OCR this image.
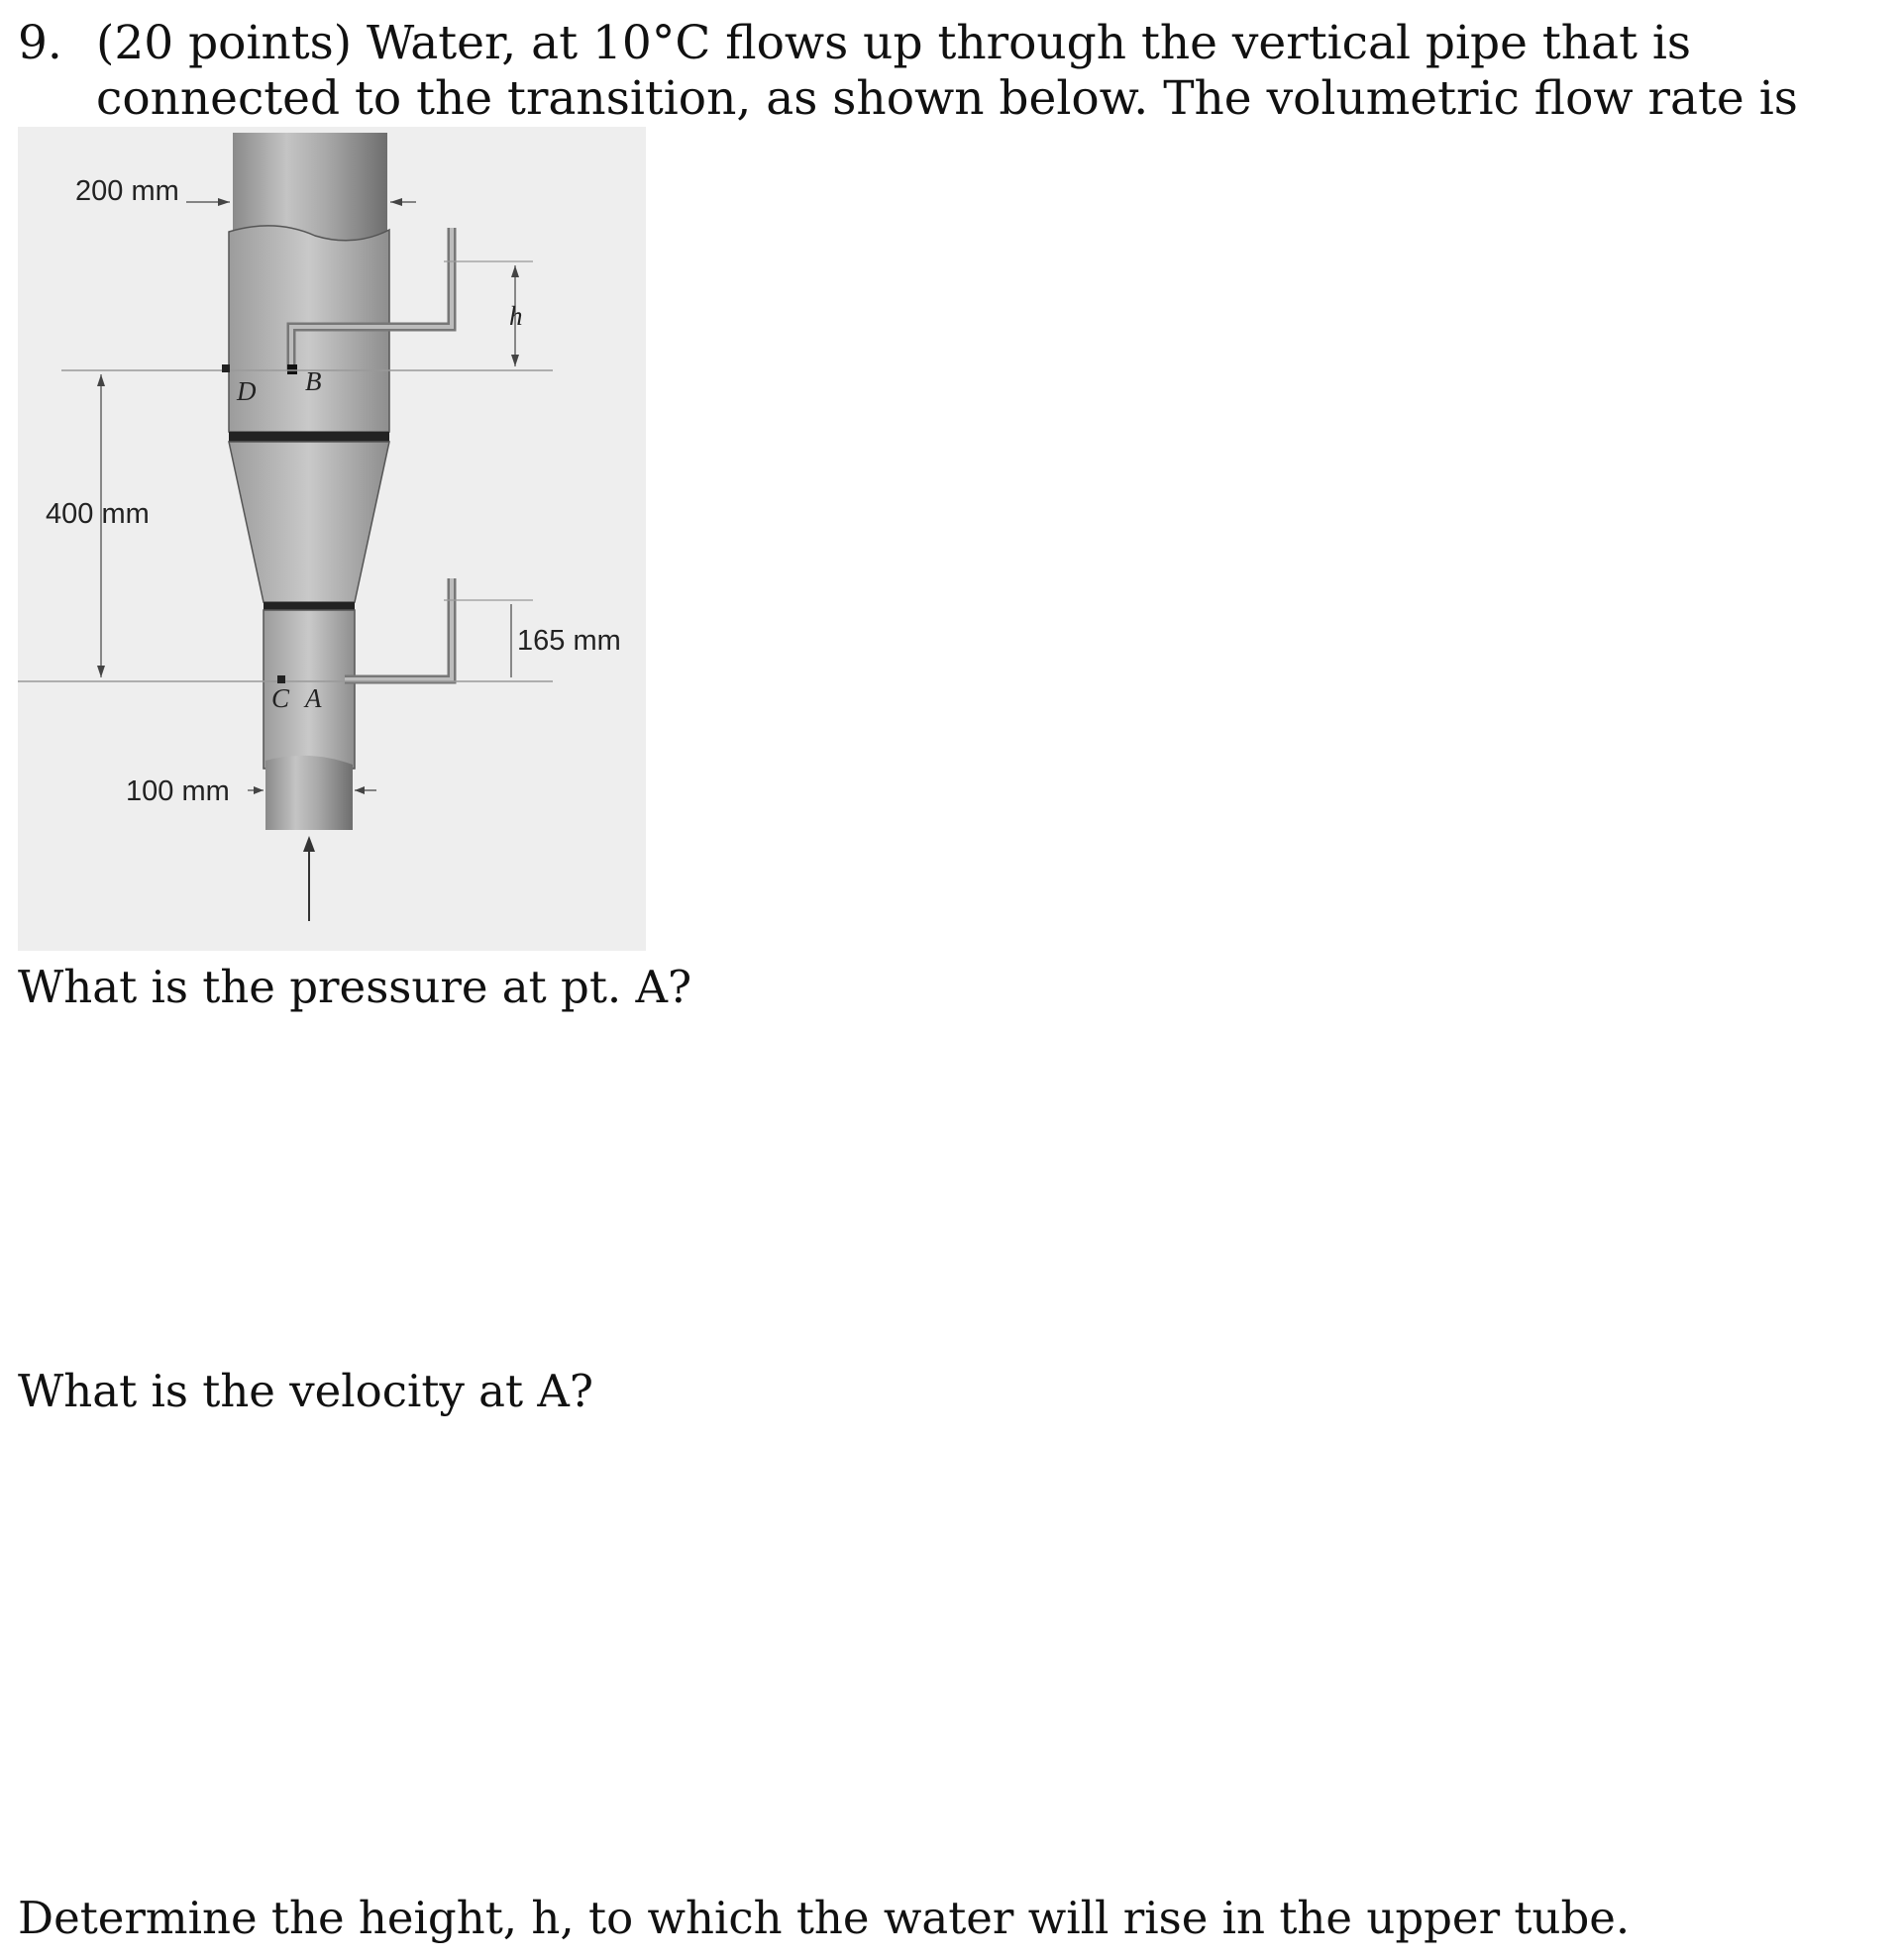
9. (20 points) Water, at 10°C flows up through the vertical pipe that is connected to the transition, as shown below. The volumetric flow rate is
200 mm
400 mm
100 mm
165 mm
h
D B
C A
What is the pressure at pt. A?
What is the velocity at A?
Determine the height, h, to which the water will rise in the upper tube.
